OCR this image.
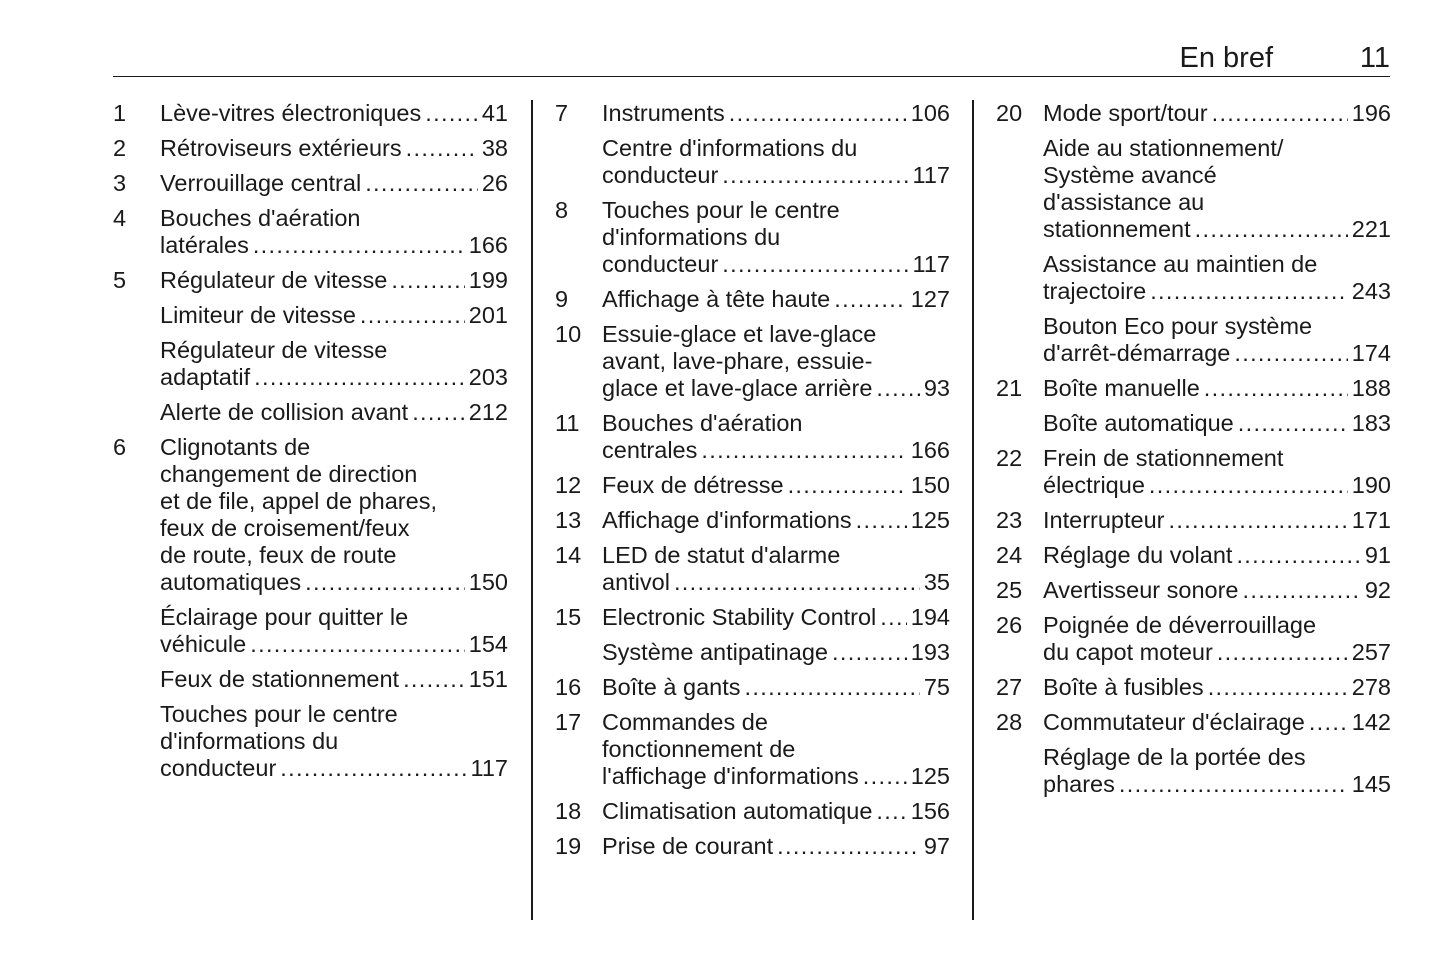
En bref	11
1	Lève-vitres électroniques . . .	41
2	Rétroviseurs extérieurs . . .	38
3	Verrouillage central . . .	26
4	Bouches d'aération
latérales . . .	166
5	Régulateur de vitesse . . .	199
Limiteur de vitesse . . .	201
Régulateur de vitesse
adaptatif . . .	203
Alerte de collision avant . . .	212
6	Clignotants de
changement de direction
et de file, appel de phares,
feux de croisement/feux
de route, feux de route
automatiques . . .	150
Éclairage pour quitter le
véhicule . . .	154
Feux de stationnement . . .	151
Touches pour le centre
d'informations du
conducteur . . .	117
7	Instruments . . .	106
Centre d'informations du
conducteur . . .	117
8	Touches pour le centre
d'informations du
conducteur . . .	117
9	Affichage à tête haute . . .	127
10 Essuie-glace et lave-glace
avant, lave-phare, essuie-
glace et lave-glace arrière . . . 93
11 Bouches d'aération
centrales . . .	166
12 Feux de détresse . . .	150
13 Affichage d'informations . . .	125
14 LED de statut d'alarme
antivol . . .	35
15 Electronic Stability Control . . . 194
Système antipatinage . . .	193
16 Boîte à gants . . .	75
17 Commandes de
fonctionnement de
l'affichage d'informations . . . 125
18 Climatisation automatique . . . 156
19 Prise de courant . . .	97
20 Mode sport/tour . . .	196
Aide au stationnement/
Système avancé
d'assistance au
stationnement . . .	221
Assistance au maintien de
trajectoire . . .	243
Bouton Eco pour système
d'arrêt-démarrage . . .	174
21 Boîte manuelle . . .	188
Boîte automatique . . .	183
22 Frein de stationnement
électrique . . .	190
23 Interrupteur . . .	171
24 Réglage du volant . . .	91
25 Avertisseur sonore . . .	92
26 Poignée de déverrouillage
du capot moteur . . .	257
27 Boîte à fusibles . . .	278
28 Commutateur d'éclairage . . . 142
Réglage de la portée des
phares . . .	145
